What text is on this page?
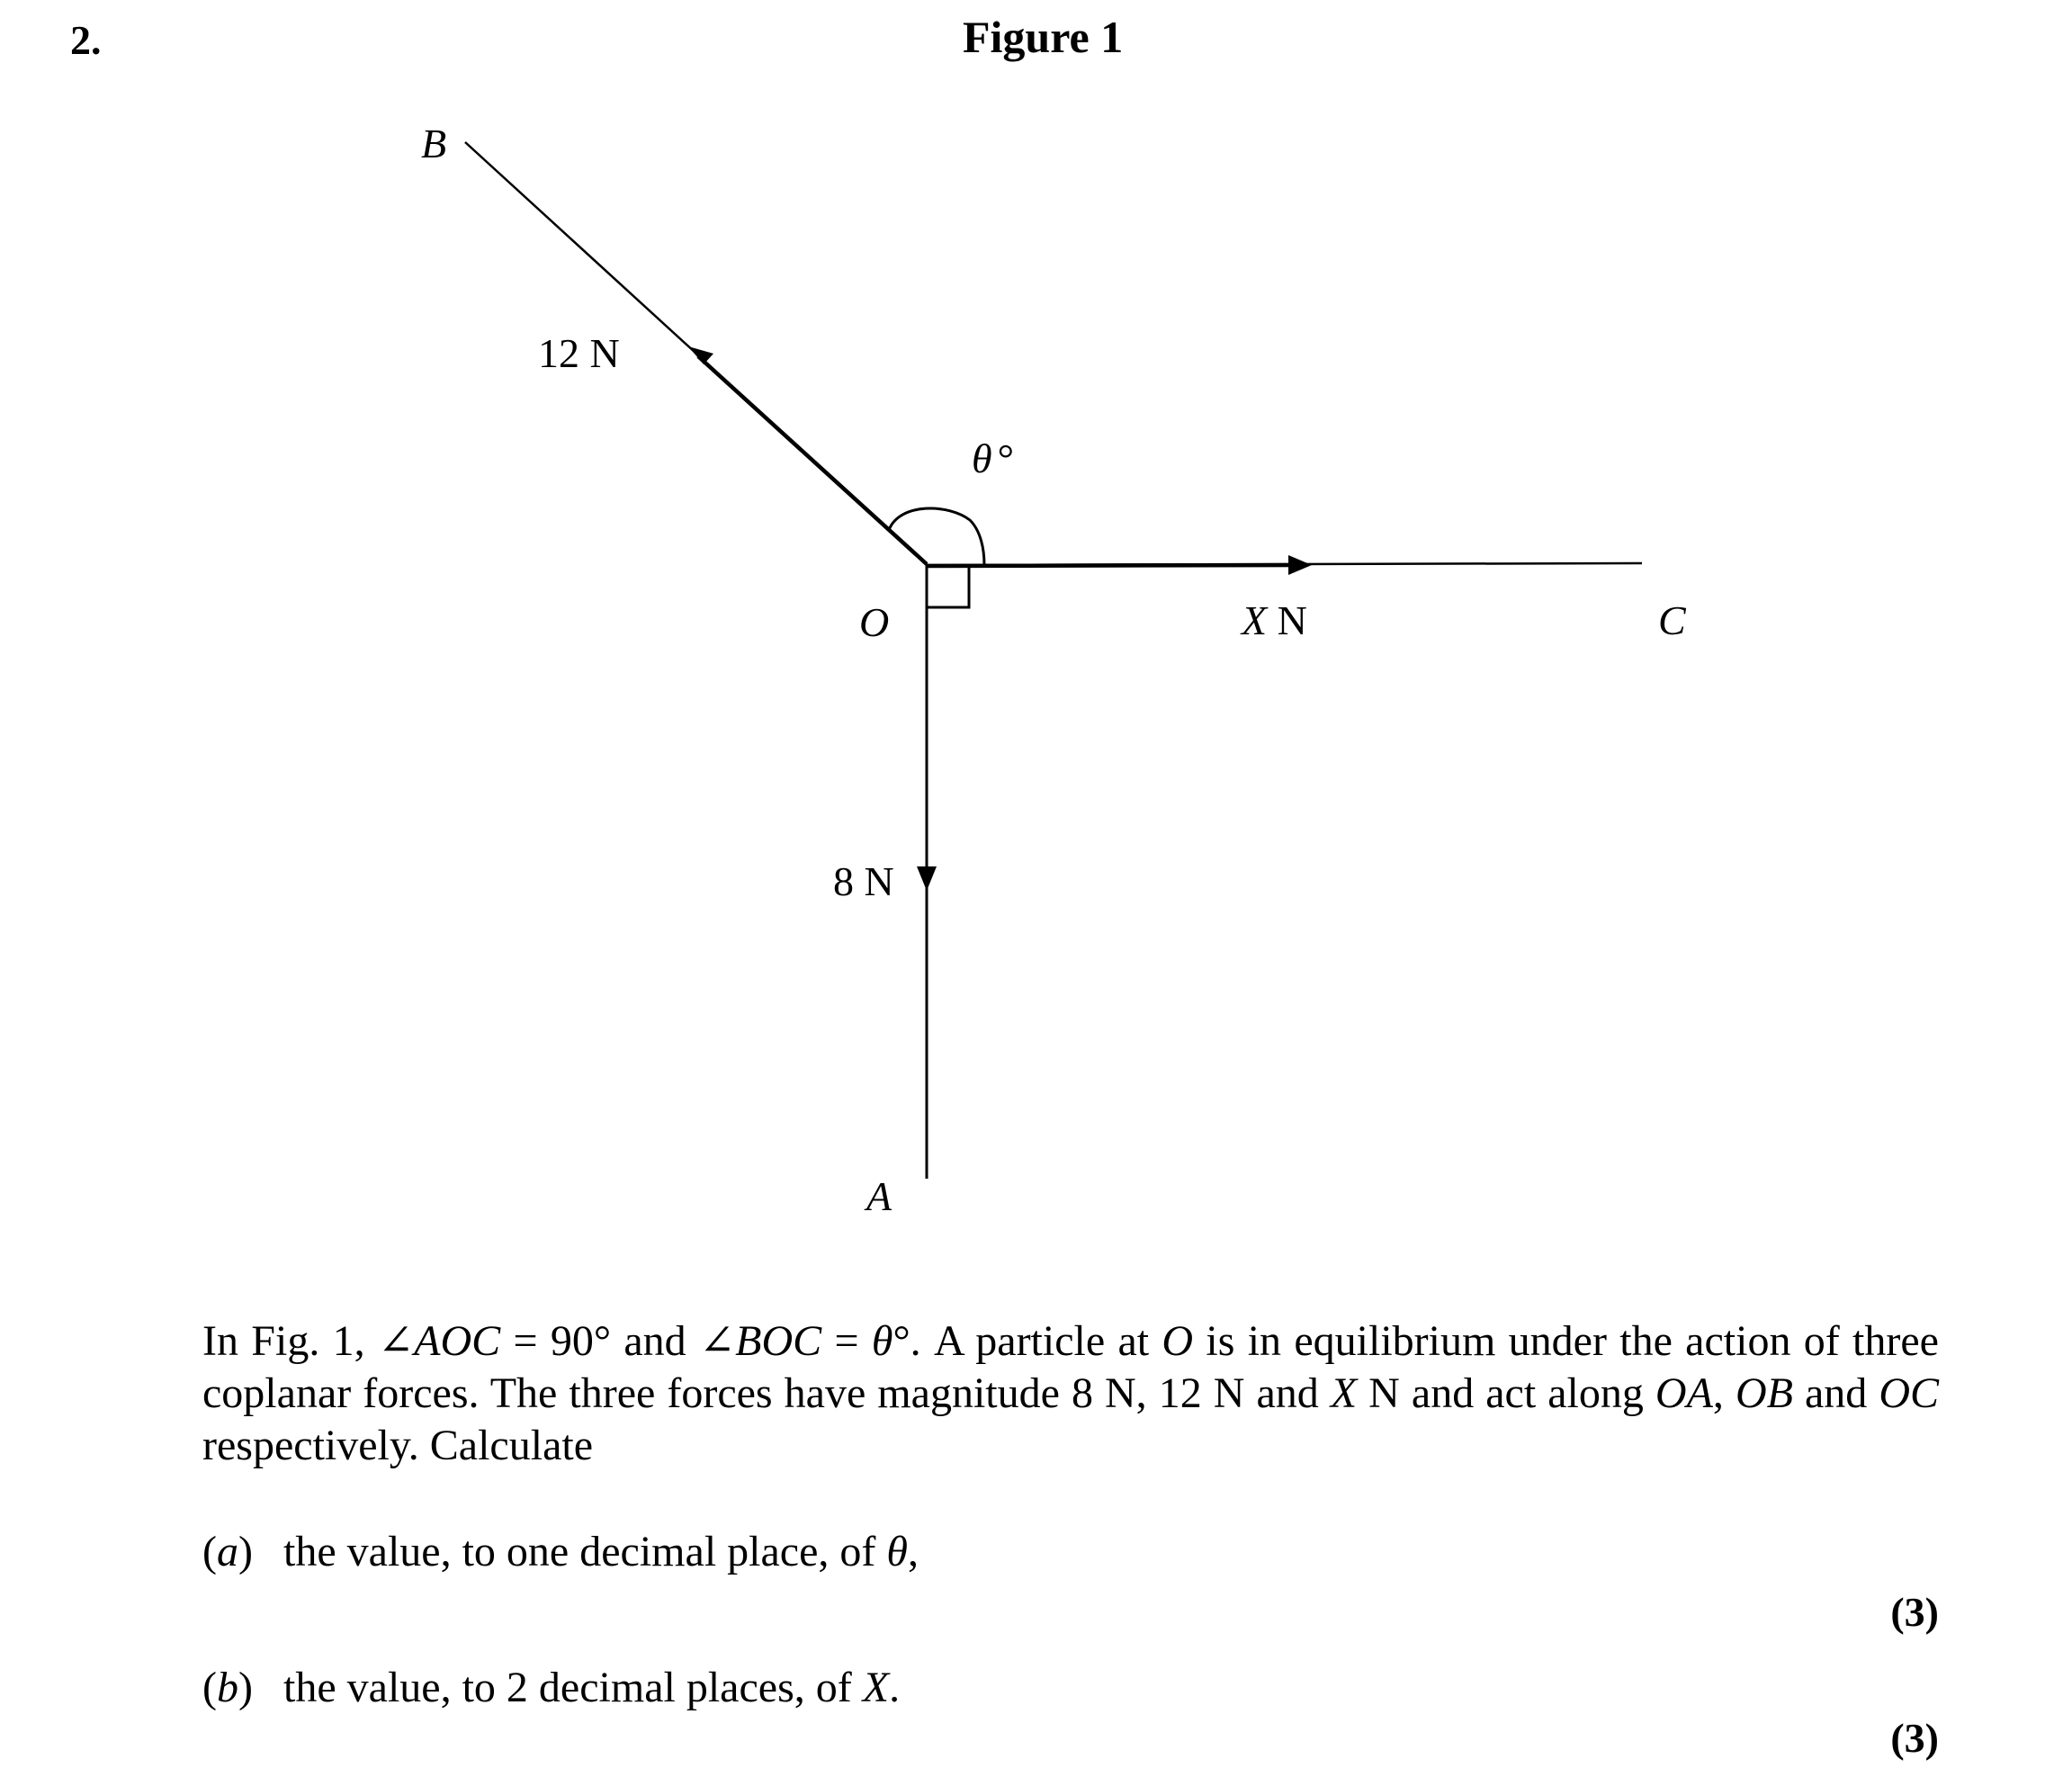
2.	Figure 1
B
12 N
θ °
O	X N	C
8 N
A
In Fig. 1, ∠AOC = 90° and ∠BOC = θ°. A particle at O is in equilibrium under the action of three coplanar forces. The three forces have magnitude 8 N, 12 N and X N and act along OA, OB and OC respectively. Calculate
(a) the value, to one decimal place, of θ,
(3)
(b) the value, to 2 decimal places, of X.
(3)
